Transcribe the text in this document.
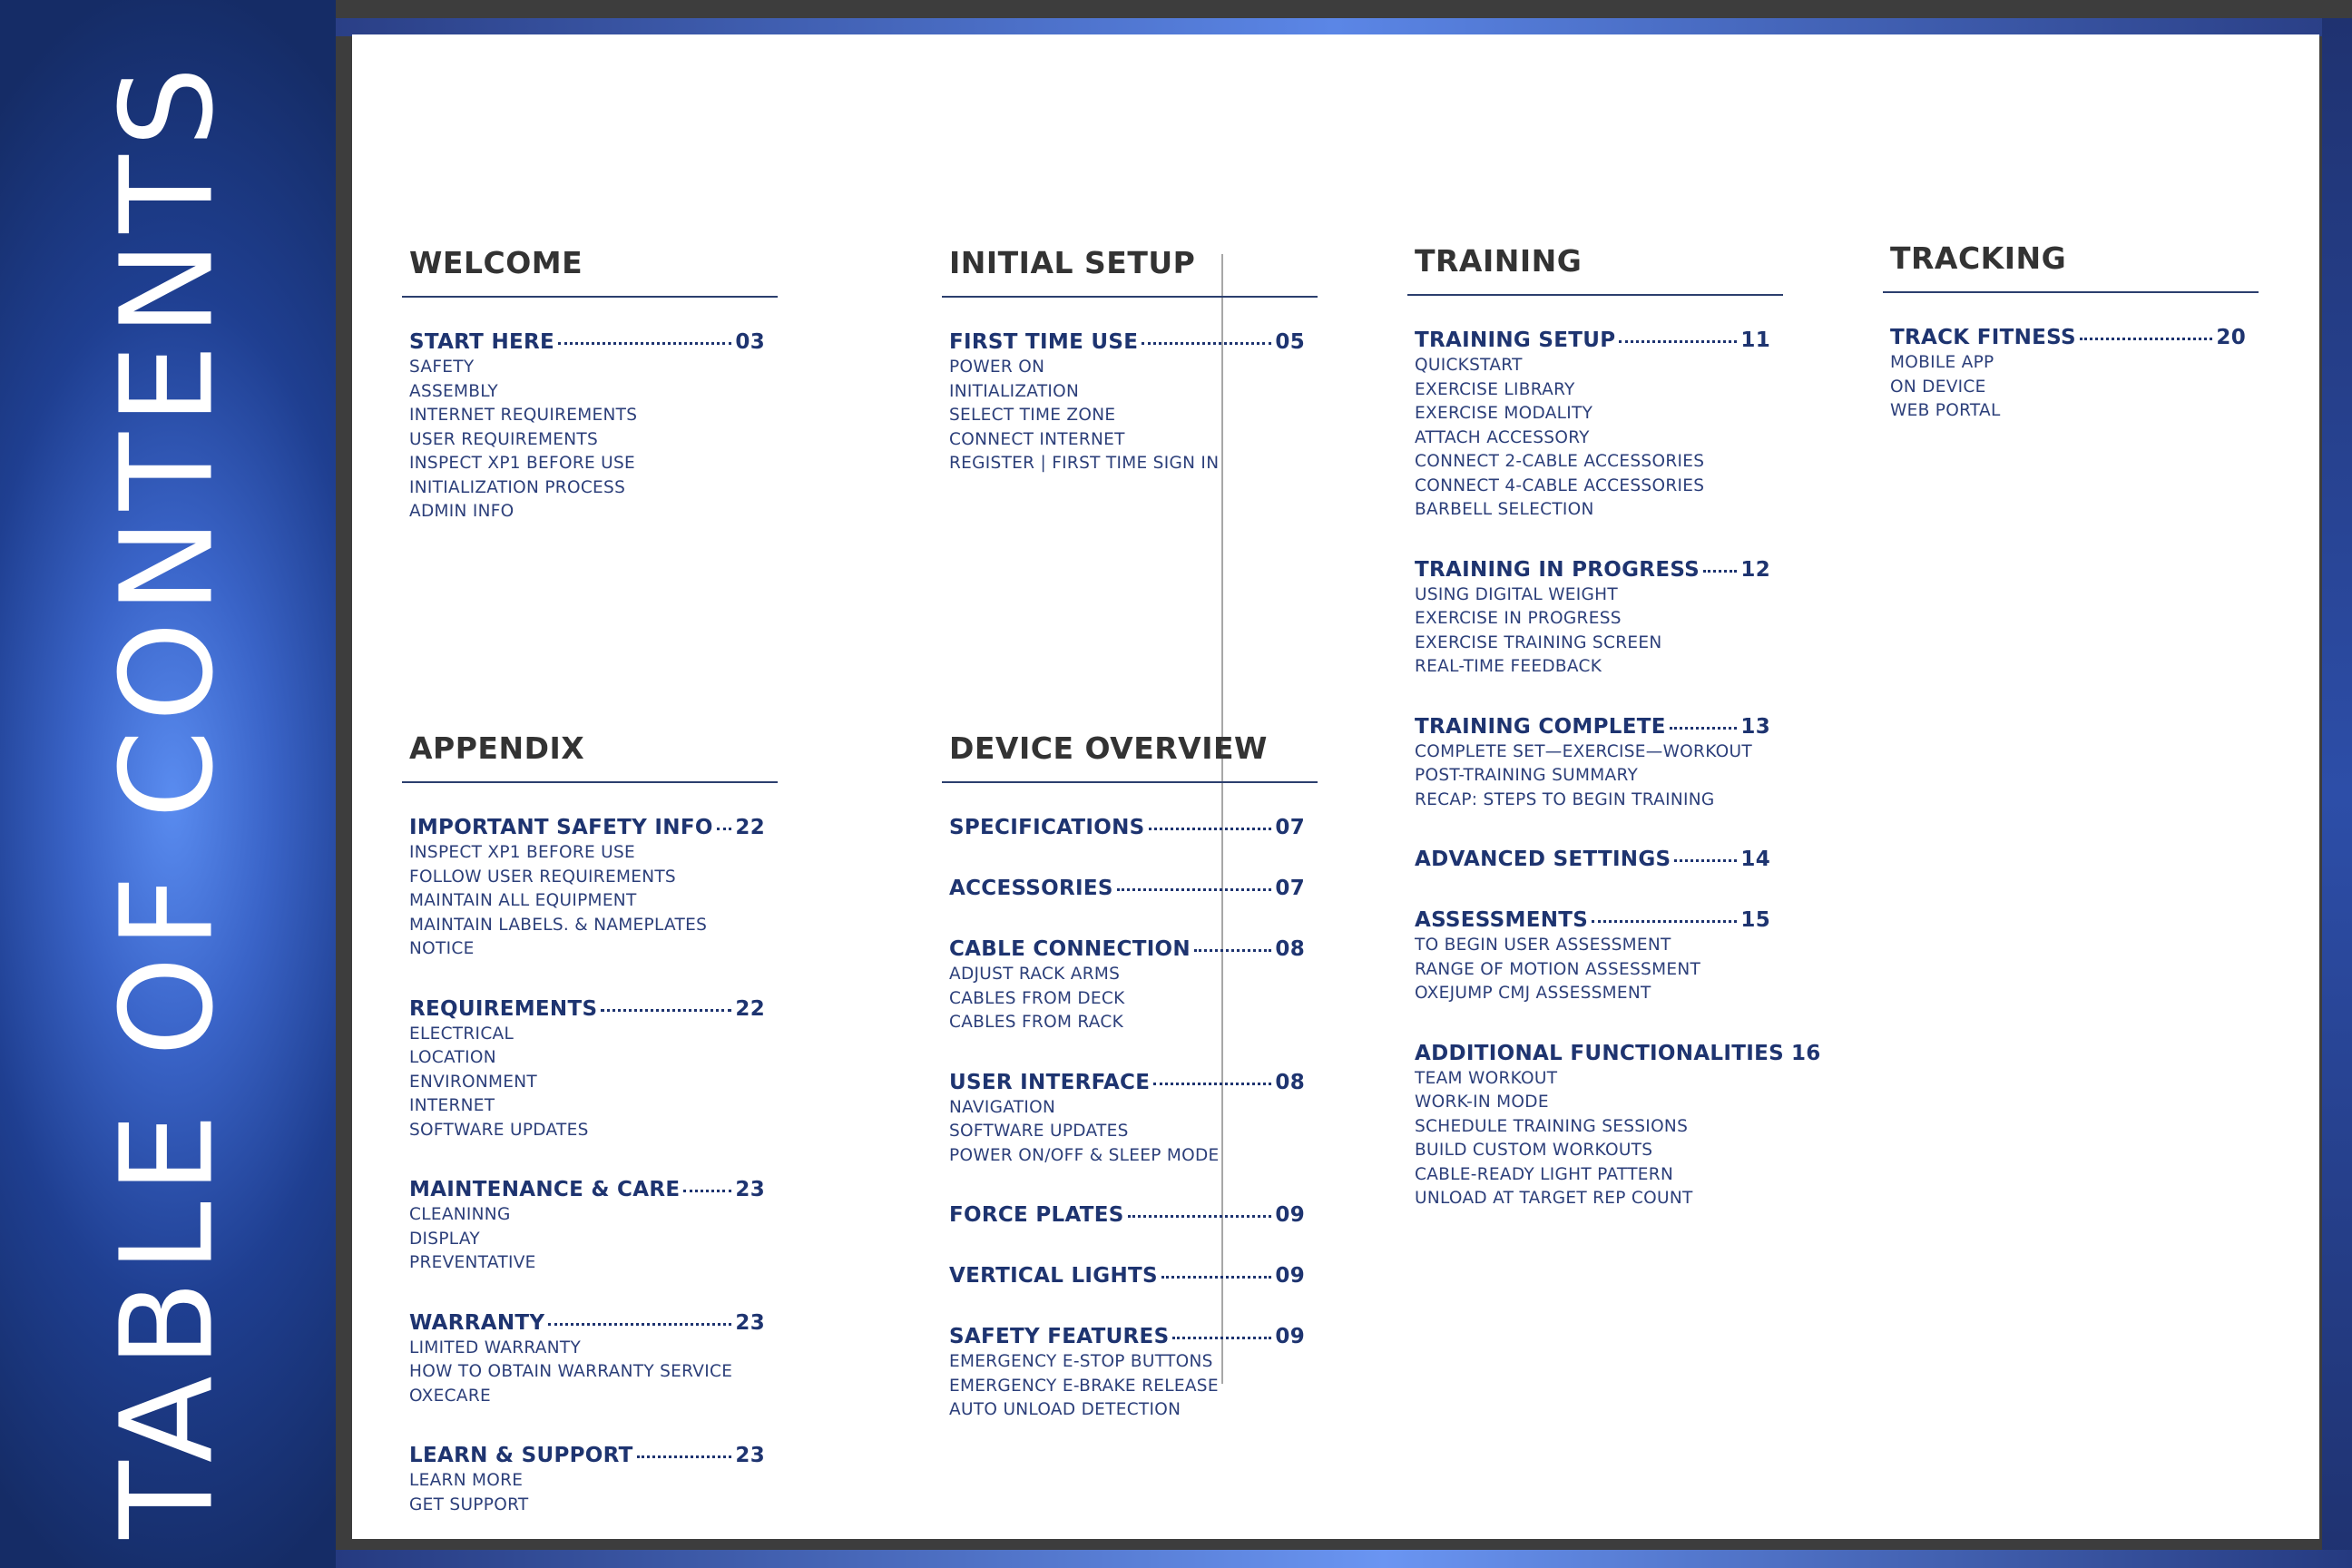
TABLE OF CONTENTS	WELCOME
START HERE	03
SAFETY
ASSEMBLY
INTERNET REQUIREMENTS
USER REQUIREMENTS
INSPECT XP1 BEFORE USE
INITIALIZATION PROCESS
ADMIN INFO
INITIAL SETUP
FIRST TIME USE	05
POWER ON
INITIALIZATION
SELECT TIME ZONE
CONNECT INTERNET
REGISTER | FIRST TIME SIGN IN
TRAINING
TRAINING SETUP	11
QUICKSTART
EXERCISE LIBRARY
EXERCISE MODALITY
ATTACH ACCESSORY
CONNECT 2-CABLE ACCESSORIES
CONNECT 4-CABLE ACCESSORIES
BARBELL SELECTION
TRAINING IN PROGRESS 12
USING DIGITAL WEIGHT
EXERCISE IN PROGRESS
EXERCISE TRAINING SCREEN
REAL-TIME FEEDBACK
TRAINING COMPLETE	13
COMPLETE SET—EXERCISE—WORKOUT
POST-TRAINING SUMMARY
RECAP: STEPS TO BEGIN TRAINING
ADVANCED SETTINGS	14
ASSESSMENTS	15
TO BEGIN USER ASSESSMENT
RANGE OF MOTION ASSESSMENT
OXEJUMP CMJ ASSESSMENT
ADDITIONAL FUNCTIONALITIES 16
TEAM WORKOUT
WORK-IN MODE
SCHEDULE TRAINING SESSIONS
BUILD CUSTOM WORKOUTS
CABLE-READY LIGHT PATTERN
UNLOAD AT TARGET REP COUNT
TRACKING
TRACK FITNESS	20
MOBILE APP
ON DEVICE
WEB PORTAL
APPENDIX
IMPORTANT SAFETY INFO 22
INSPECT XP1 BEFORE USE
FOLLOW USER REQUIREMENTS
MAINTAIN ALL EQUIPMENT
MAINTAIN LABELS. & NAMEPLATES
NOTICE
REQUIREMENTS	22
ELECTRICAL
LOCATION
ENVIRONMENT
INTERNET
SOFTWARE UPDATES
MAINTENANCE & CARE	23
CLEANINNG
DISPLAY
PREVENTATIVE
WARRANTY	23
LIMITED WARRANTY
HOW TO OBTAIN WARRANTY SERVICE
OXECARE
LEARN & SUPPORT	23
LEARN MORE
GET SUPPORT
DEVICE OVERVIEW
SPECIFICATIONS	07
ACCESSORIES	07
CABLE CONNECTION	08
ADJUST RACK ARMS
CABLES FROM DECK
CABLES FROM RACK
USER INTERFACE	08
NAVIGATION
SOFTWARE UPDATES
POWER ON/OFF & SLEEP MODE
FORCE PLATES	09
VERTICAL LIGHTS	09
SAFETY FEATURES	09
EMERGENCY E-STOP BUTTONS
EMERGENCY E-BRAKE RELEASE
AUTO UNLOAD DETECTION
